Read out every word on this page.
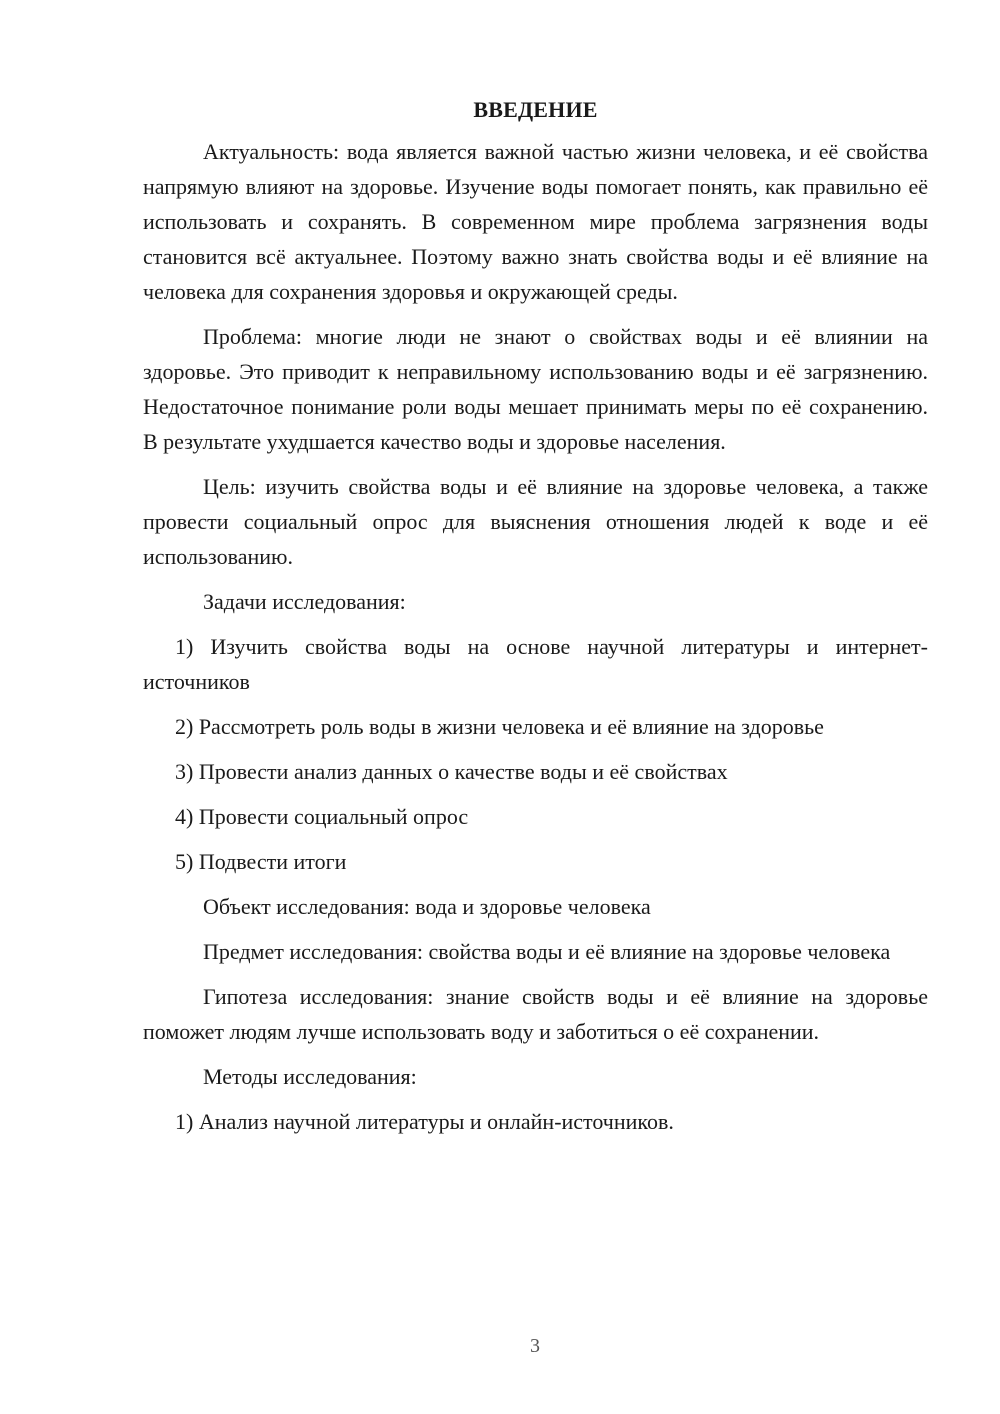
ВВЕДЕНИЕ

Актуальность: вода является важной частью жизни человека, и её свойства напрямую влияют на здоровье. Изучение воды помогает понять, как правильно её использовать и сохранять. В современном мире проблема загрязнения воды становится всё актуальнее. Поэтому важно знать свойства воды и её влияние на человека для сохранения здоровья и окружающей среды.

Проблема: многие люди не знают о свойствах воды и её влиянии на здоровье. Это приводит к неправильному использованию воды и её загрязнению. Недостаточное понимание роли воды мешает принимать меры по её сохранению. В результате ухудшается качество воды и здоровье населения.

Цель: изучить свойства воды и её влияние на здоровье человека, а также провести социальный опрос для выяснения отношения людей к воде и её использованию.

Задачи исследования:

1) Изучить свойства воды на основе научной литературы и интернет-источников

2) Рассмотреть роль воды в жизни человека и её влияние на здоровье

3) Провести анализ данных о качестве воды и её свойствах

4) Провести социальный опрос

5) Подвести итоги

Объект исследования: вода и здоровье человека

Предмет исследования: свойства воды и её влияние на здоровье человека

Гипотеза исследования: знание свойств воды и её влияние на здоровье поможет людям лучше использовать воду и заботиться о её сохранении.

Методы исследования:

1) Анализ научной литературы и онлайн-источников.

3
